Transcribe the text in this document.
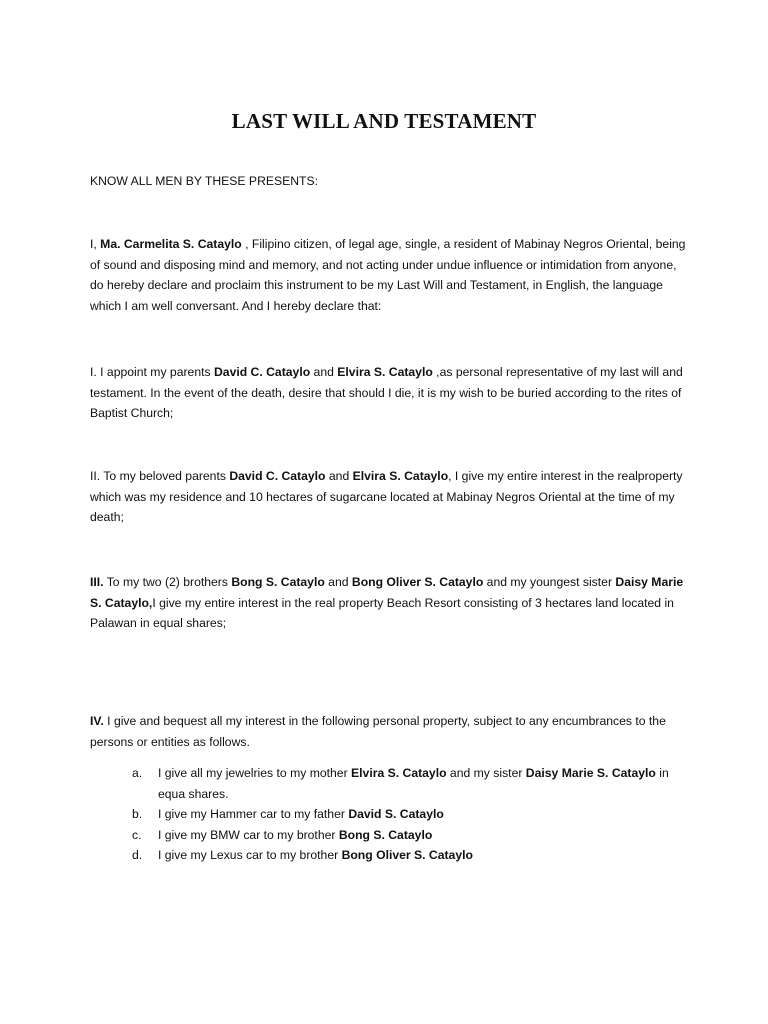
LAST WILL AND TESTAMENT

KNOW ALL MEN BY THESE PRESENTS:

I, Ma. Carmelita S. Cataylo , Filipino citizen, of legal age, single, a resident of Mabinay Negros Oriental, being of sound and disposing mind and memory, and not acting under undue influence or intimidation from anyone, do hereby declare and proclaim this instrument to be my Last Will and Testament, in English, the language which I am well conversant. And I hereby declare that:

I. I appoint my parents David C. Cataylo and Elvira S. Cataylo ,as personal representative of my last will and testament. In the event of the death, desire that should I die, it is my wish to be buried according to the rites of Baptist Church;

II. To my beloved parents David C. Cataylo and Elvira S. Cataylo, I give my entire interest in the realproperty which was my residence and 10 hectares of sugarcane located at Mabinay Negros Oriental at the time of my death;

III. To my two (2) brothers Bong S. Cataylo and Bong Oliver S. Cataylo and my youngest sister Daisy Marie S. Cataylo,I give my entire interest in the real property Beach Resort consisting of 3 hectares land located in Palawan in equal shares;

IV. I give and bequest all my interest in the following personal property, subject to any encumbrances to the persons or entities as follows.

a. I give all my jewelries to my mother Elvira S. Cataylo and my sister Daisy Marie S. Cataylo in equa shares.
b. I give my Hammer car to my father David S. Cataylo
c. I give my BMW car to my brother Bong S. Cataylo
d. I give my Lexus car to my brother Bong Oliver S. Cataylo
